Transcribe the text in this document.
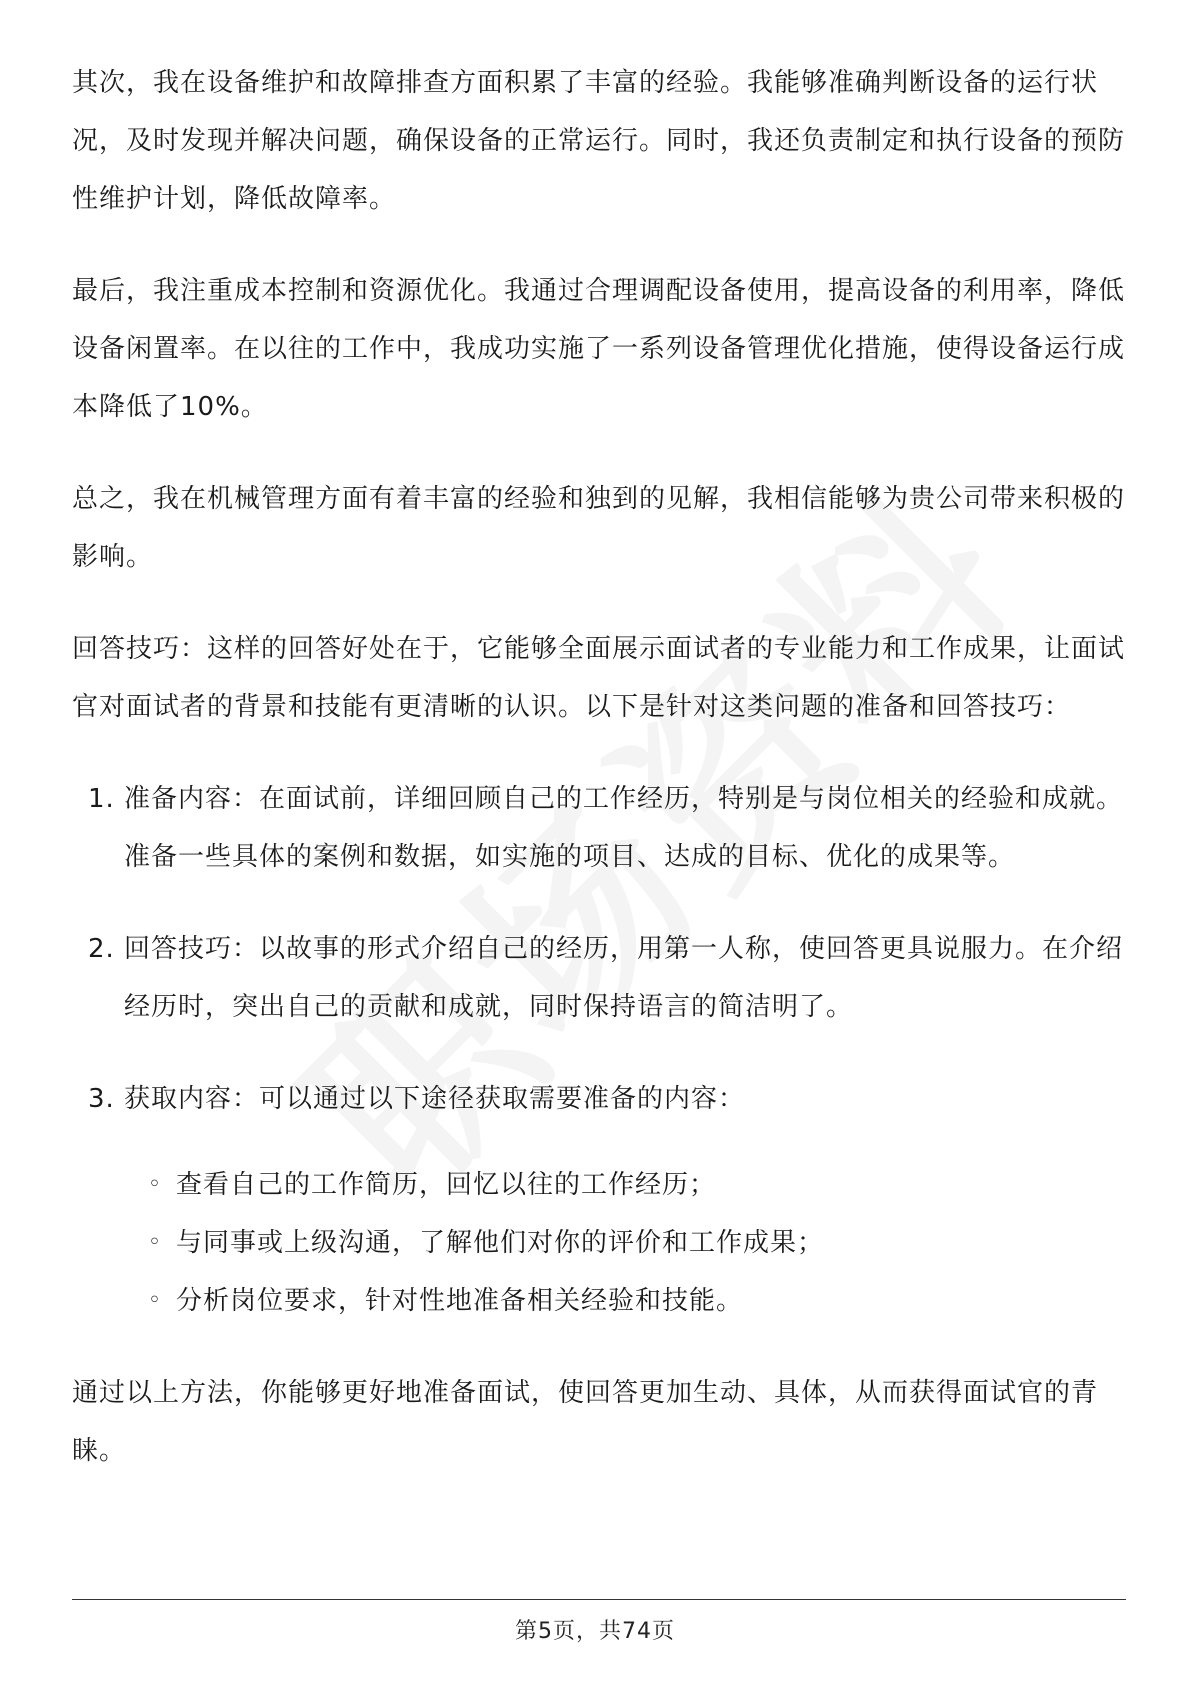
其次，我在设备维护和故障排查方面积累了丰富的经验。我能够准确判断设备的运行状况，及时发现并解决问题，确保设备的正常运行。同时，我还负责制定和执行设备的预防性维护计划，降低故障率。

最后，我注重成本控制和资源优化。我通过合理调配设备使用，提高设备的利用率，降低设备闲置率。在以往的工作中，我成功实施了一系列设备管理优化措施，使得设备运行成本降低了10%。

总之，我在机械管理方面有着丰富的经验和独到的见解，我相信能够为贵公司带来积极的影响。

回答技巧：这样的回答好处在于，它能够全面展示面试者的专业能力和工作成果，让面试官对面试者的背景和技能有更清晰的认识。以下是针对这类问题的准备和回答技巧：

1. 准备内容：在面试前，详细回顾自己的工作经历，特别是与岗位相关的经验和成就。准备一些具体的案例和数据，如实施的项目、达成的目标、优化的成果等。
2. 回答技巧：以故事的形式介绍自己的经历，用第一人称，使回答更具说服力。在介绍经历时，突出自己的贡献和成就，同时保持语言的简洁明了。
3. 获取内容：可以通过以下途径获取需要准备的内容：
◦ 查看自己的工作简历，回忆以往的工作经历；
◦ 与同事或上级沟通，了解他们对你的评价和工作成果；
◦ 分析岗位要求，针对性地准备相关经验和技能。

通过以上方法，你能够更好地准备面试，使回答更加生动、具体，从而获得面试官的青睐。

第5页，共74页
